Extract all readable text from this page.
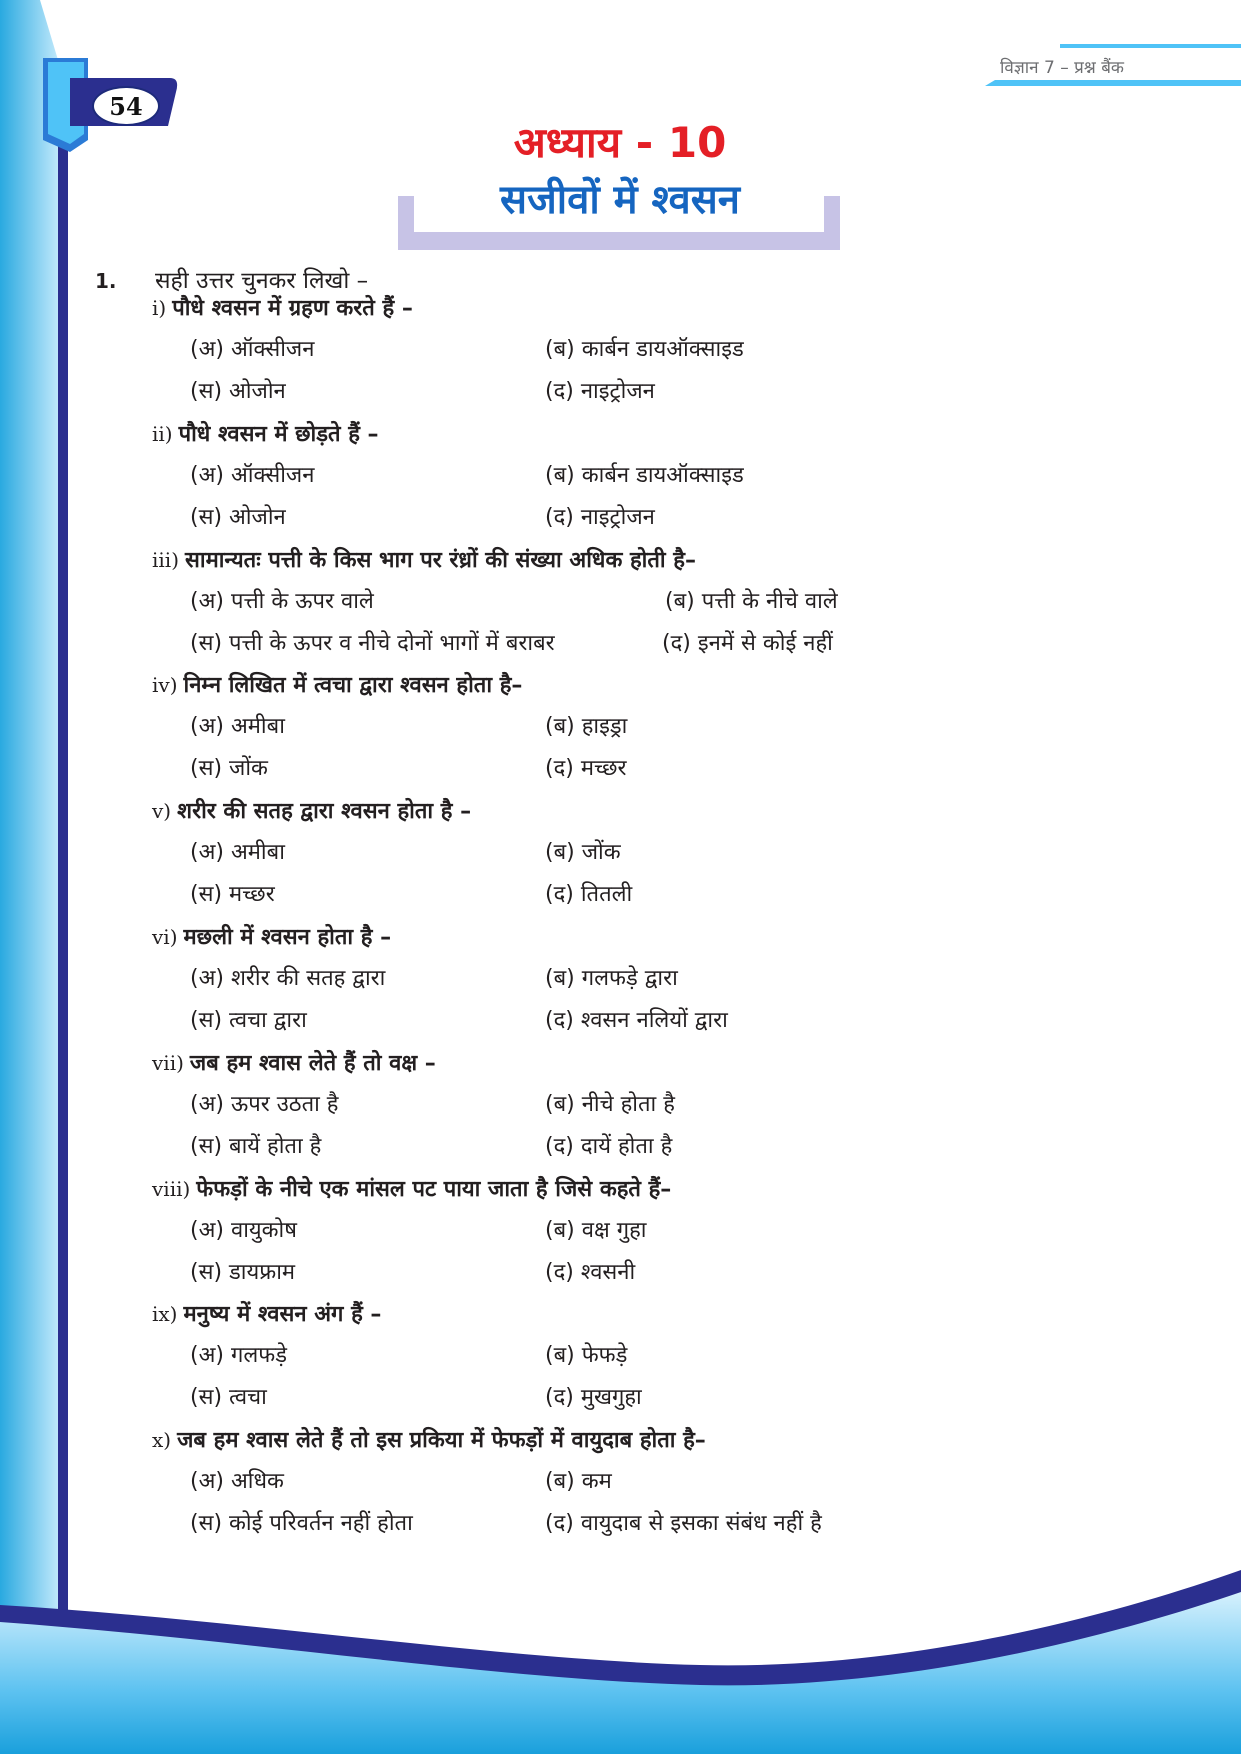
विज्ञान 7 – प्रश्न बैंक
54
अध्याय - 10
सजीवों में श्वसन
1. सही उत्तर चुनकर लिखो –
i) पौधे श्वसन में ग्रहण करते हैं –
(अ) ऑक्सीजन	(ब) कार्बन डायऑक्साइड
(स) ओजोन	(द) नाइट्रोजन
ii) पौधे श्वसन में छोड़ते हैं –
(अ) ऑक्सीजन	(ब) कार्बन डायऑक्साइड
(स) ओजोन	(द) नाइट्रोजन
iii) सामान्यतः पत्ती के किस भाग पर रंध्रों की संख्या अधिक होती है–
(अ) पत्ती के ऊपर वाले	(ब) पत्ती के नीचे वाले
(स) पत्ती के ऊपर व नीचे दोनों भागों में बराबर	(द) इनमें से कोई नहीं
iv) निम्न लिखित में त्वचा द्वारा श्वसन होता है–
(अ) अमीबा	(ब) हाइड्रा
(स) जोंक	(द) मच्छर
v) शरीर की सतह द्वारा श्वसन होता है –
(अ) अमीबा	(ब) जोंक
(स) मच्छर	(द) तितली
vi) मछली में श्वसन होता है –
(अ) शरीर की सतह द्वारा	(ब) गलफड़े द्वारा
(स) त्वचा द्वारा	(द) श्वसन नलियों द्वारा
vii) जब हम श्वास लेते हैं तो वक्ष –
(अ) ऊपर उठता है	(ब) नीचे होता है
(स) बायें होता है	(द) दायें होता है
viii) फेफड़ों के नीचे एक मांसल पट पाया जाता है जिसे कहते हैं–
(अ) वायुकोष	(ब) वक्ष गुहा
(स) डायफ्राम	(द) श्वसनी
ix) मनुष्य में श्वसन अंग हैं –
(अ) गलफड़े	(ब) फेफड़े
(स) त्वचा	(द) मुखगुहा
x) जब हम श्वास लेते हैं तो इस प्रकिया में फेफड़ों में वायुदाब होता है–
(अ) अधिक	(ब) कम
(स) कोई परिवर्तन नहीं होता	(द) वायुदाब से इसका संबंध नहीं है
